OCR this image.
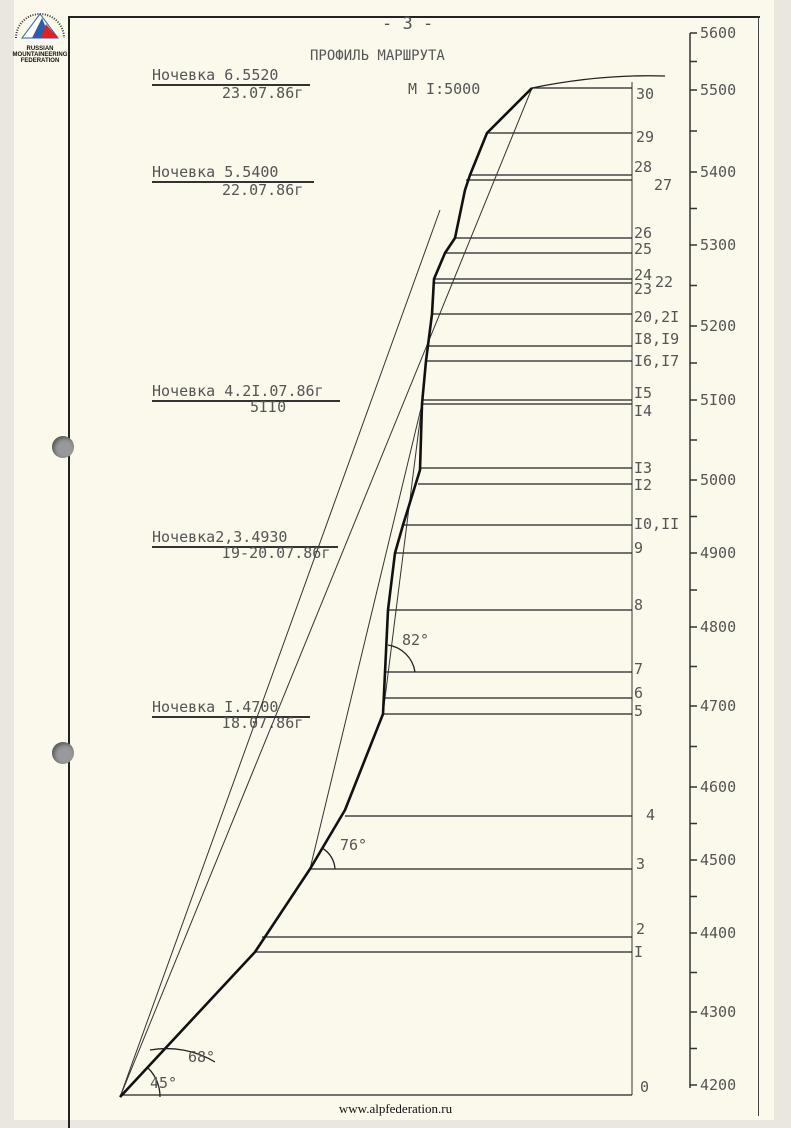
RUSSIAN
MOUNTAINEERING
FEDERATION
- 3 -
ПРОФИЛЬ МАРШРУТА
М I:5000
Ночевка 6.5520
23.07.86г
Ночевка 5.5400
22.07.86г
Ночевка 4.2I.07.86г
5II0
Ночевка2,3.4930
I9-20.07.86г
Ночевка I.4700
I8.07.86г
5600
5500
5400
5300
5200
5I00
5000
4900
4800
4700
4600
4500
4400
4300
4200
30
29
28
27
26
25
24
23 22
20,2I
I8,I9
I6,I7
I5
I4
I3
I2
I0,II
9
8
7
6
5
4
3
2
I
0
45°
68°
76°
82°
www.alpfederation.ru
